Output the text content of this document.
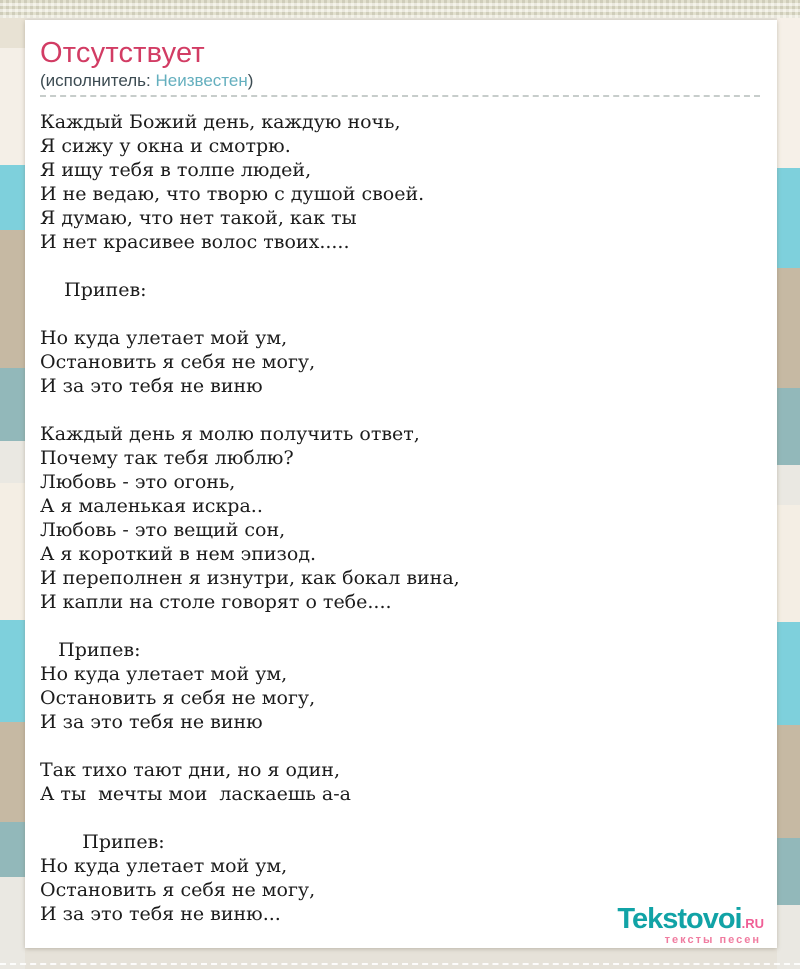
Отсутствует
(исполнитель: Неизвестен)
Каждый Божий день, каждую ночь,
Я сижу у окна и смотрю.
Я ищу тебя в толпе людей,
И не ведаю, что творю с душой своей.
Я думаю, что нет такой, как ты
И нет красивее волос твоих.....

Припев:

Но куда улетает мой ум,
Остановить я себя не могу,
И за это тебя не виню

Каждый день я молю получить ответ,
Почему так тебя люблю?
Любовь - это огонь,
А я маленькая искра..
Любовь - это вещий сон,
А я короткий в нем эпизод.
И переполнен я изнутри, как бокал вина,
И капли на столе говорят о тебе....

Припев:
Но куда улетает мой ум,
Остановить я себя не могу,
И за это тебя не виню

Так тихо тают дни, но я один,
А ты  мечты мои  ласкаешь а-а

Припев:
Но куда улетает мой ум,
Остановить я себя не могу,
И за это тебя не виню...	Tekstovoi.RU
тексты песен
